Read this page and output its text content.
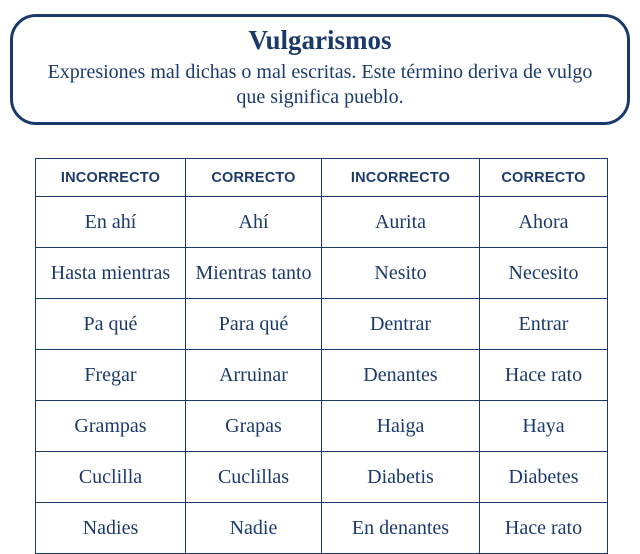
Vulgarismos
Expresiones mal dichas o mal escritas. Este término deriva de vulgo que significa pueblo.
INCORRECTO	CORRECTO	INCORRECTO	CORRECTO
En ahí	Ahí	Aurita	Ahora
Hasta mientras	Mientras tanto	Nesito	Necesito
Pa qué	Para qué	Dentrar	Entrar
Fregar	Arruinar	Denantes	Hace rato
Grampas	Grapas	Haiga	Haya
Cuclilla	Cuclillas	Diabetis	Diabetes
Nadies	Nadie	En denantes	Hace rato
